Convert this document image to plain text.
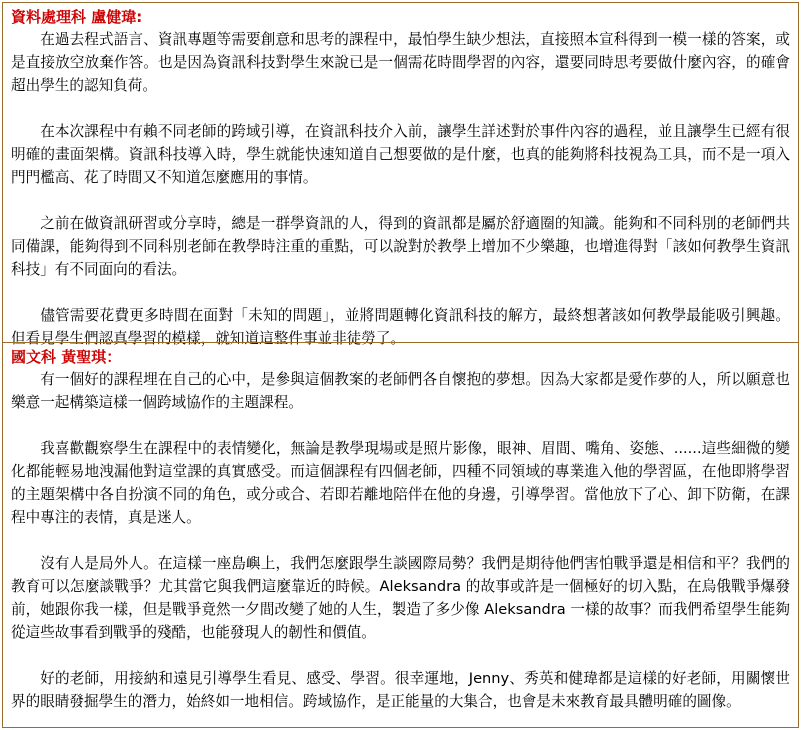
資料處理科 盧健瑋:

在過去程式語言、資訊專題等需要創意和思考的課程中，最怕學生缺少想法，直接照本宣科得到一模一樣的答案，或是直接放空放棄作答。也是因為資訊科技對學生來說已是一個需花時間學習的內容，還要同時思考要做什麼內容，的確會超出學生的認知負荷。

在本次課程中有賴不同老師的跨域引導，在資訊科技介入前，讓學生詳述對於事件內容的過程，並且讓學生已經有很明確的畫面架構。資訊科技導入時，學生就能快速知道自己想要做的是什麼，也真的能夠將科技視為工具，而不是一項入門門檻高、花了時間又不知道怎麼應用的事情。

之前在做資訊研習或分享時，總是一群學資訊的人，得到的資訊都是屬於舒適圈的知識。能夠和不同科別的老師們共同備課，能夠得到不同科別老師在教學時注重的重點，可以說對於教學上增加不少樂趣，也增進得對「該如何教學生資訊科技」有不同面向的看法。

儘管需要花費更多時間在面對「未知的問題」，並將問題轉化資訊科技的解方，最終想著該如何教學最能吸引興趣。但看見學生們認真學習的模樣，就知道這整件事並非徒勞了。

國文科 黃聖琪：

有一個好的課程埋在自己的心中，是參與這個教案的老師們各自懷抱的夢想。因為大家都是愛作夢的人，所以願意也樂意一起構築這樣一個跨域協作的主題課程。

我喜歡觀察學生在課程中的表情變化，無論是教學現場或是照片影像，眼神、眉間、嘴角、姿態、......這些細微的變化都能輕易地洩漏他對這堂課的真實感受。而這個課程有四個老師，四種不同領域的專業進入他的學習區，在他即將學習的主題架構中各自扮演不同的角色，或分或合、若即若離地陪伴在他的身邊，引導學習。當他放下了心、卸下防衛，在課程中專注的表情，真是迷人。

沒有人是局外人。在這樣一座島嶼上，我們怎麼跟學生談國際局勢？我們是期待他們害怕戰爭還是相信和平？我們的教育可以怎麼談戰爭？尤其當它與我們這麼靠近的時候。Aleksandra 的故事或許是一個極好的切入點，在烏俄戰爭爆發前，她跟你我一樣，但是戰爭竟然一夕間改變了她的人生，製造了多少像 Aleksandra 一樣的故事？而我們希望學生能夠從這些故事看到戰爭的殘酷，也能發現人的韌性和價值。

好的老師，用接納和遠見引導學生看見、感受、學習。很幸運地，Jenny、秀英和健瑋都是這樣的好老師，用關懷世界的眼睛發掘學生的潛力，始終如一地相信。跨域協作，是正能量的大集合，也會是未來教育最具體明確的圖像。
